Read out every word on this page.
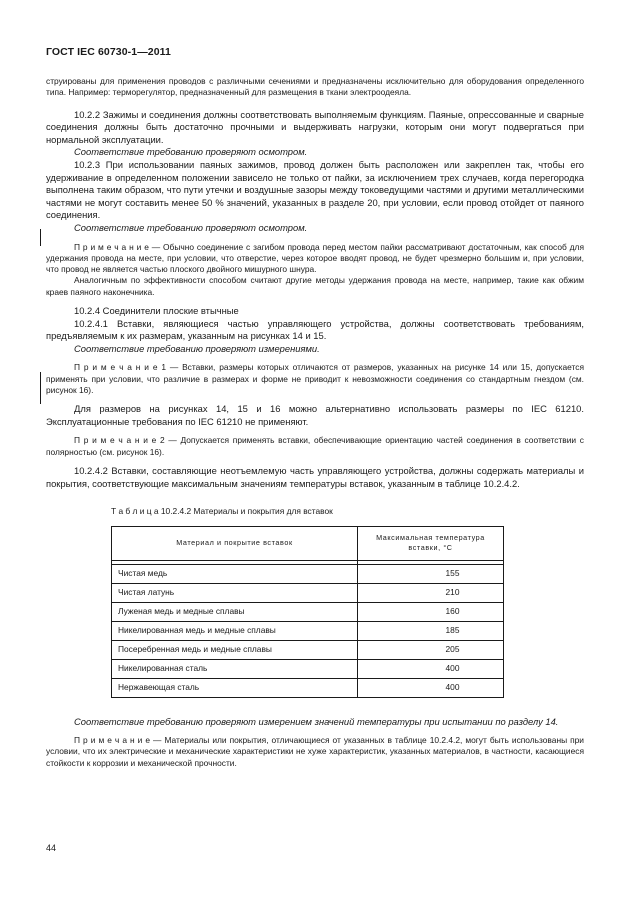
ГОСТ IEC 60730-1—2011

струированы для применения проводов с различными сечениями и предназначены исключительно для оборудования определенного типа. Например: терморегулятор, предназначенный для размещения в ткани электроодеяла.

10.2.2 Зажимы и соединения должны соответствовать выполняемым функциям. Паяные, опрессованные и сварные соединения должны быть достаточно прочными и выдерживать нагрузки, которым они могут подвергаться при нормальной эксплуатации.

Соответствие требованию проверяют осмотром.

10.2.3 При использовании паяных зажимов, провод должен быть расположен или закреплен так, чтобы его удерживание в определенном положении зависело не только от пайки, за исключением трех случаев, когда перегородка выполнена таким образом, что пути утечки и воздушные зазоры между токоведущими частями и другими металлическими частями не могут составить менее 50 % значений, указанных в разделе 20, при условии, если провод отойдет от паяного соединения.

Соответствие требованию проверяют осмотром.

П р и м е ч а н и е — Обычно соединение с загибом провода перед местом пайки рассматривают достаточным, как способ для удержания провода на месте, при условии, что отверстие, через которое вводят провод, не будет чрезмерно большим и, при условии, что провод не является частью плоского двойного мишурного шнура.

Аналогичным по эффективности способом считают другие методы удержания провода на месте, например, такие как обжим краев паяного наконечника.

10.2.4 Соединители плоские втычные

10.2.4.1 Вставки, являющиеся частью управляющего устройства, должны соответствовать требованиям, предъявляемым к их размерам, указанным на рисунках 14 и 15.

Соответствие требованию проверяют измерениями.

П р и м е ч а н и е 1 — Вставки, размеры которых отличаются от размеров, указанных на рисунке 14 или 15, допускается применять при условии, что различие в размерах и форме не приводит к невозможности соединения со стандартным гнездом (см. рисунок 16).

Для размеров на рисунках 14, 15 и 16 можно альтернативно использовать размеры по IEC 61210. Эксплуатационные требования по IEC 61210 не применяют.

П р и м е ч а н и е 2 — Допускается применять вставки, обеспечивающие ориентацию частей соединения в соответствии с полярностью (см. рисунок 16).

10.2.4.2 Вставки, составляющие неотъемлемую часть управляющего устройства, должны содержать материалы и покрытия, соответствующие максимальным значениям температуры вставок, указанным в таблице 10.2.4.2.

Т а б л и ц а 10.2.4.2 Материалы и покрытия для вставок
Материал и покрытие вставок	Максимальная температура
вставки, °С

Чистая медь	155
Чистая латунь	210
Луженая медь и медные сплавы	160
Никелированная медь и медные сплавы	185
Посеребренная медь и медные сплавы	205
Никелированная сталь	400
Нержавеющая сталь	400

Соответствие требованию проверяют измерением значений температуры при испытании по разделу 14.

П р и м е ч а н и е — Материалы или покрытия, отличающиеся от указанных в таблице 10.2.4.2, могут быть использованы при условии, что их электрические и механические характеристики не хуже характеристик, указанных материалов, в частности, касающиеся стойкости к коррозии и механической прочности.

44
